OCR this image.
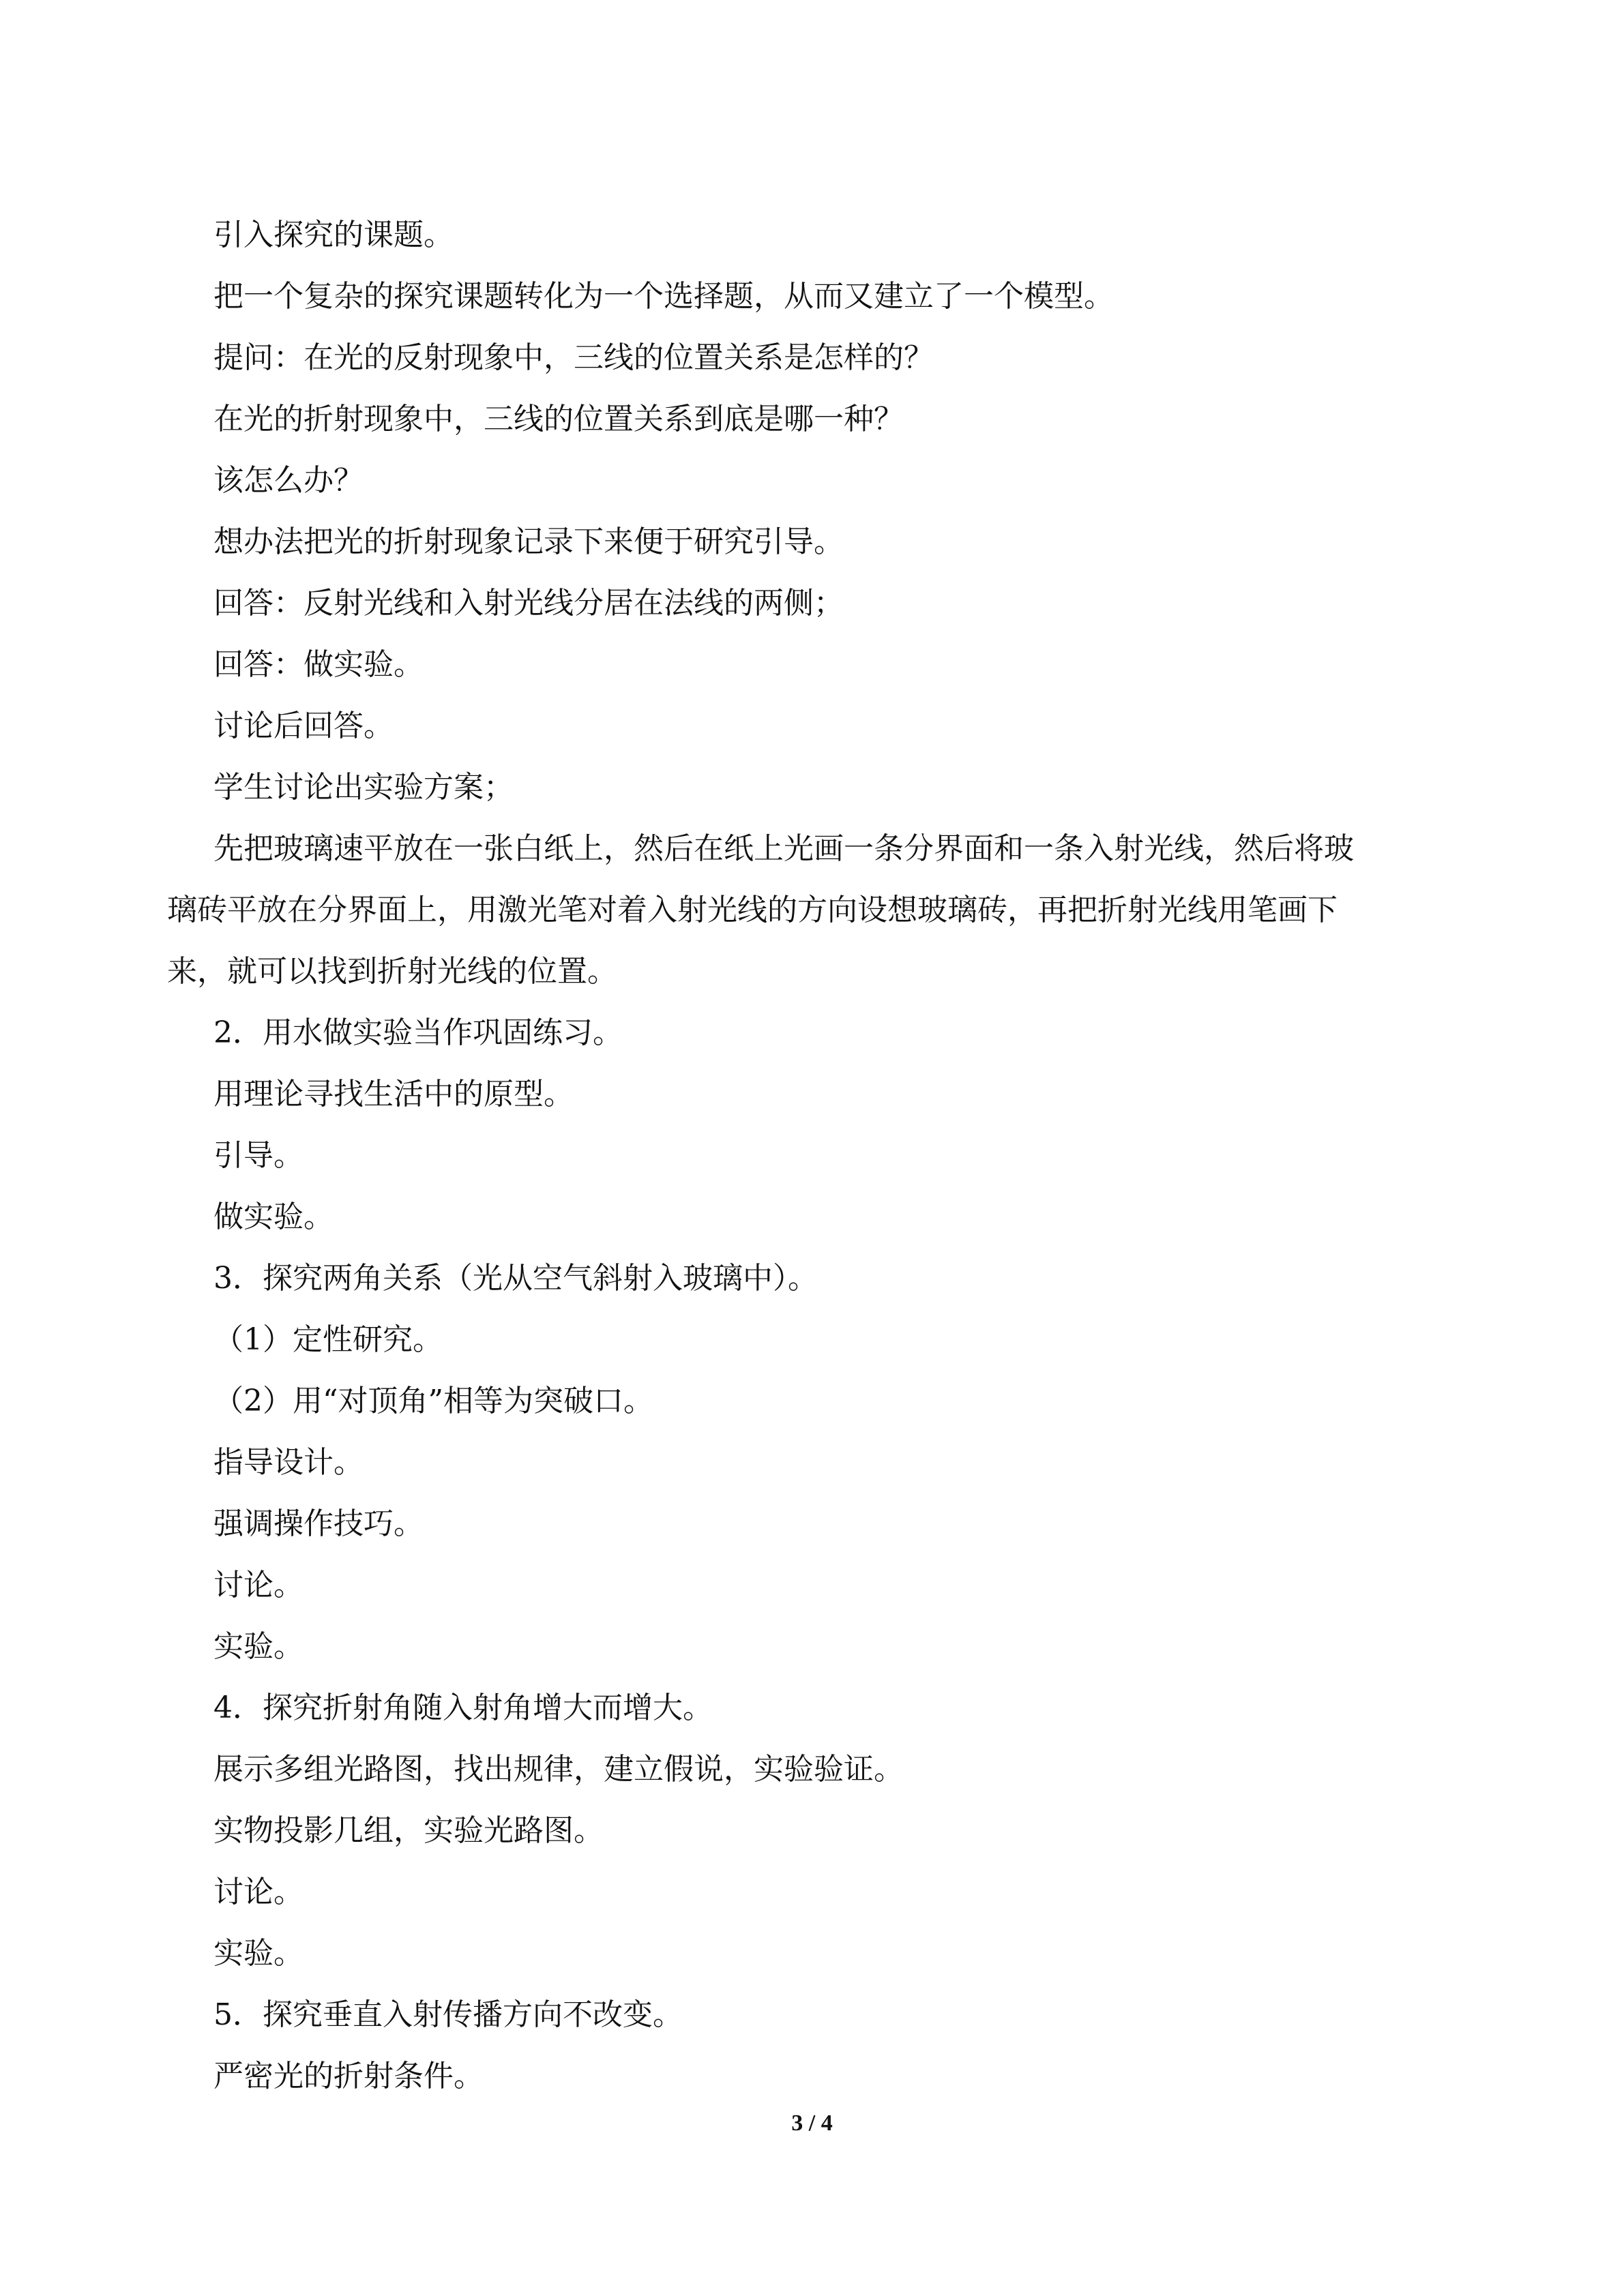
引入探究的课题。

把一个复杂的探究课题转化为一个选择题，从而又建立了一个模型。

提问：在光的反射现象中，三线的位置关系是怎样的？

在光的折射现象中，三线的位置关系到底是哪一种？

该怎么办？

想办法把光的折射现象记录下来便于研究引导。

回答：反射光线和入射光线分居在法线的两侧；

回答：做实验。

讨论后回答。

学生讨论出实验方案；

先把玻璃速平放在一张白纸上，然后在纸上光画一条分界面和一条入射光线，然后将玻

璃砖平放在分界面上，用激光笔对着入射光线的方向设想玻璃砖，再把折射光线用笔画下

来，就可以找到折射光线的位置。

2．用水做实验当作巩固练习。

用理论寻找生活中的原型。

引导。

做实验。

3．探究两角关系（光从空气斜射入玻璃中）。

（1）定性研究。

（2）用“对顶角”相等为突破口。

指导设计。

强调操作技巧。

讨论。

实验。

4．探究折射角随入射角增大而增大。

展示多组光路图，找出规律，建立假说，实验验证。

实物投影几组，实验光路图。

讨论。

实验。

5．探究垂直入射传播方向不改变。

严密光的折射条件。

3 / 4
